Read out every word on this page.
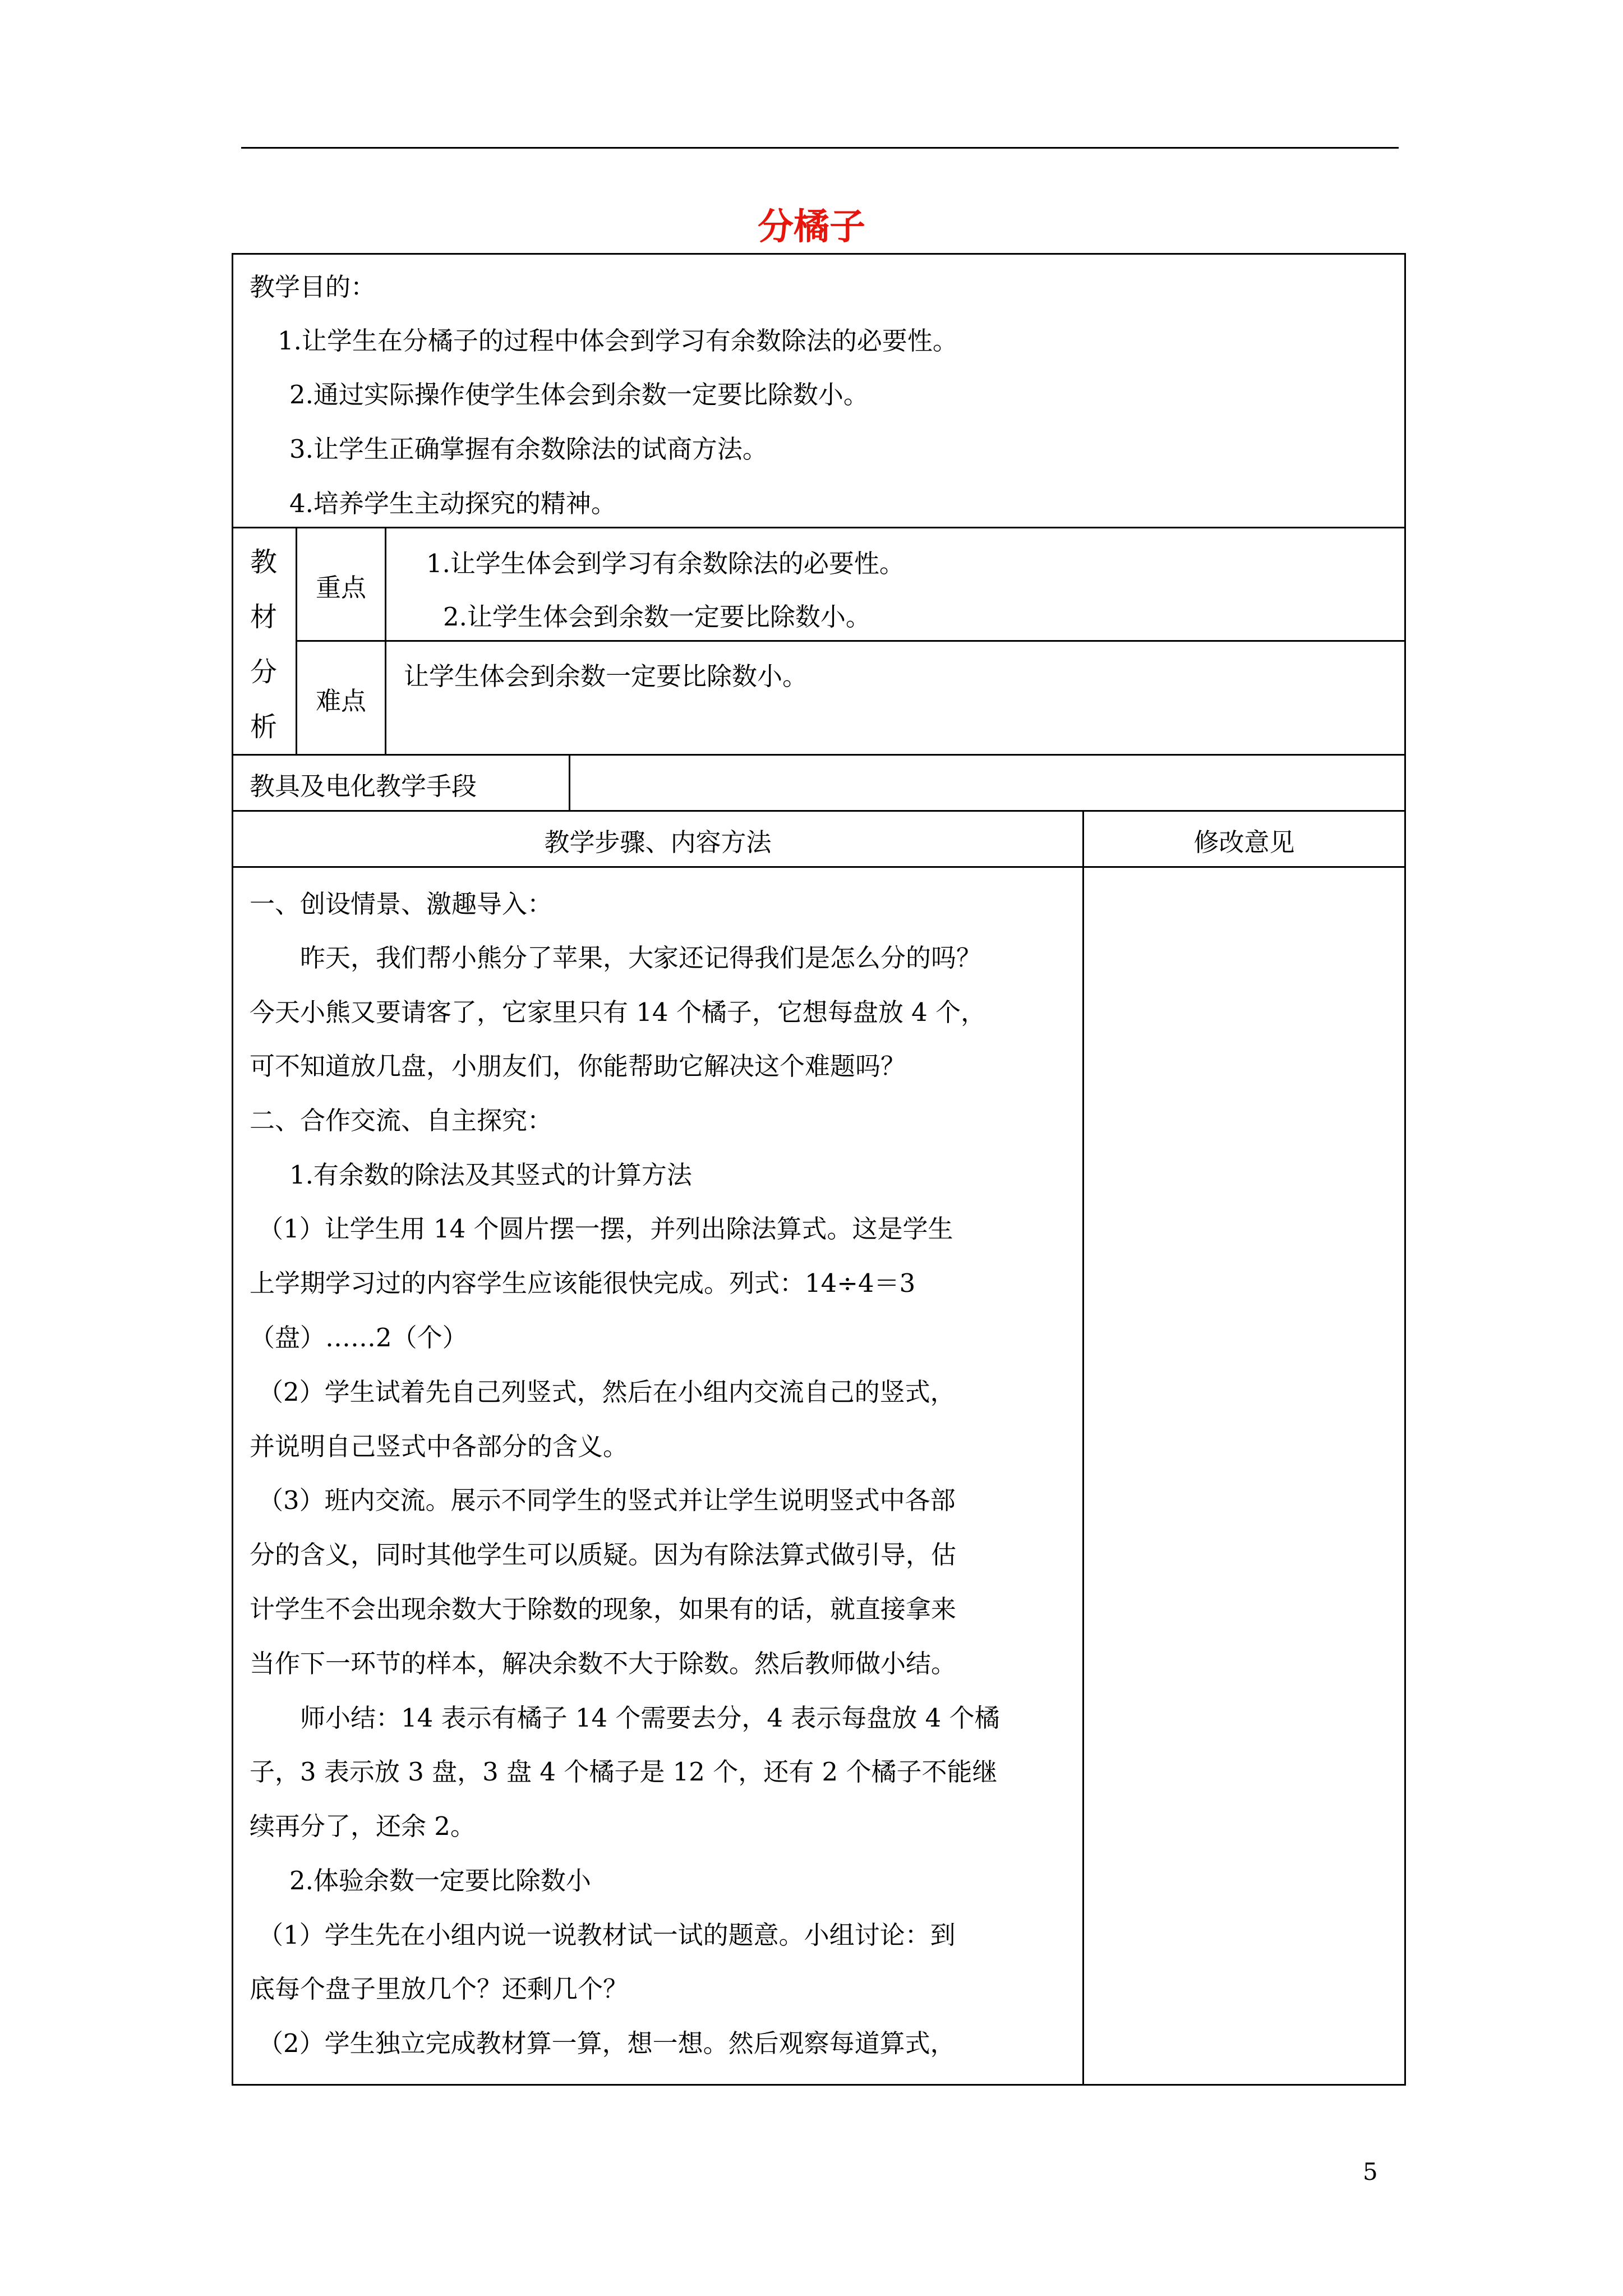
分橘子
教学目的：
1.让学生在分橘子的过程中体会到学习有余数除法的必要性。
2.通过实际操作使学生体会到余数一定要比除数小。
3.让学生正确掌握有余数除法的试商方法。
4.培养学生主动探究的精神。
教
材
分
析
重点
1.让学生体会到学习有余数除法的必要性。
2.让学生体会到余数一定要比除数小。
难点
让学生体会到余数一定要比除数小。
教具及电化教学手段
教学步骤、内容方法	修改意见
一、创设情景、激趣导入：
昨天，我们帮小熊分了苹果，大家还记得我们是怎么分的吗？
今天小熊又要请客了，它家里只有 14 个橘子，它想每盘放 4 个，
可不知道放几盘，小朋友们，你能帮助它解决这个难题吗？
二、合作交流、自主探究：
1.有余数的除法及其竖式的计算方法
（1）让学生用 14 个圆片摆一摆，并列出除法算式。这是学生
上学期学习过的内容学生应该能很快完成。列式：14÷4＝3
（盘）……2（个）
（2）学生试着先自己列竖式，然后在小组内交流自己的竖式，
并说明自己竖式中各部分的含义。
（3）班内交流。展示不同学生的竖式并让学生说明竖式中各部
分的含义，同时其他学生可以质疑。因为有除法算式做引导，估
计学生不会出现余数大于除数的现象，如果有的话，就直接拿来
当作下一环节的样本，解决余数不大于除数。然后教师做小结。
师小结：14 表示有橘子 14 个需要去分，4 表示每盘放 4 个橘
子，3 表示放 3 盘，3 盘 4 个橘子是 12 个，还有 2 个橘子不能继
续再分了，还余 2。
2.体验余数一定要比除数小
（1）学生先在小组内说一说教材试一试的题意。小组讨论：到
底每个盘子里放几个？还剩几个？
（2）学生独立完成教材算一算，想一想。然后观察每道算式，
5
